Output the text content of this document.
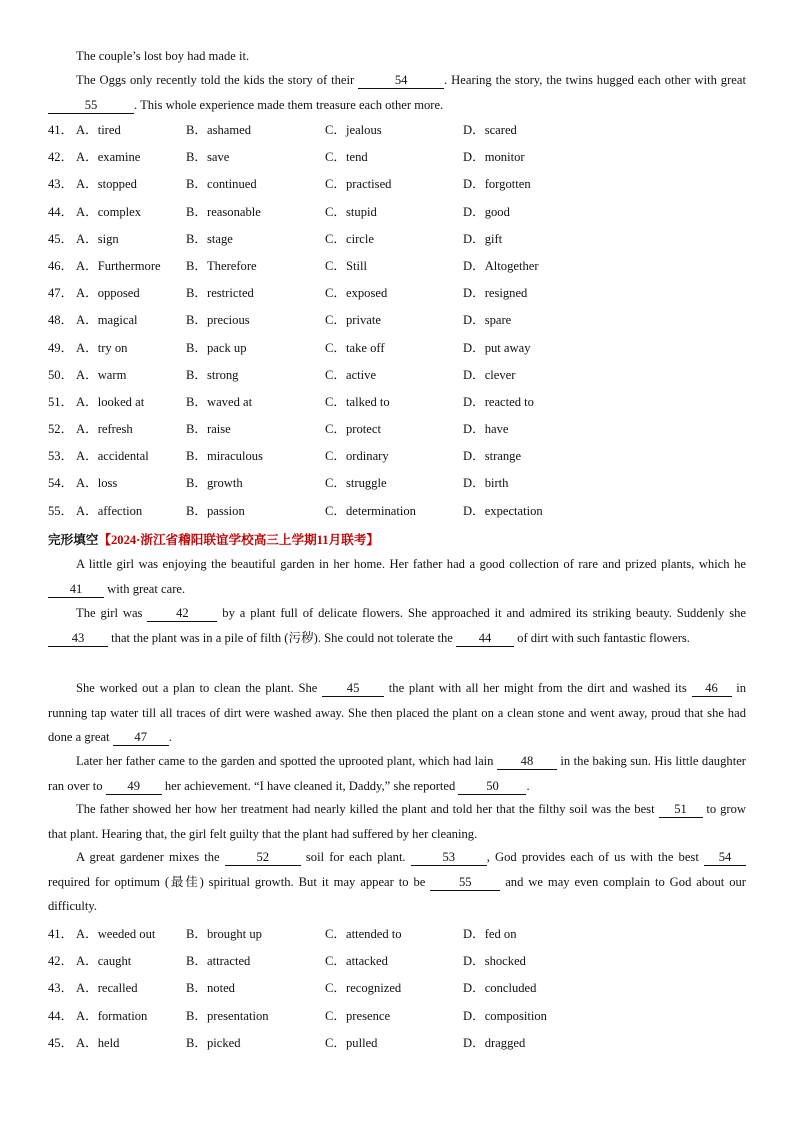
The couple’s lost boy had made it.

The Oggs only recently told the kids the story of their	54	. Hearing the story, the twins hugged each other with great 55	. This whole experience made them treasure each other more.

41． A．tired	B．ashamed	C．jealous	D．scared
42． A．examine	B．save	C．tend	D．monitor
43． A．stopped	B．continued	C．practised	D．forgotten
44． A．complex	B．reasonable	C．stupid	D．good
45． A．sign	B．stage	C．circle	D．gift
46． A．Furthermore B．Therefore	C．Still	D．Altogether
47． A．opposed	B．restricted	C．exposed	D．resigned
48． A．magical	B．precious	C．private	D．spare
49． A．try on	B．pack up	C．take off	D．put away
50． A．warm	B．strong	C．active	D．clever
51． A．looked at	B．waved at	C．talked to	D．reacted to
52． A．refresh	B．raise	C．protect	D．have
53． A．accidental	B．miraculous	C．ordinary	D．strange
54． A．loss	B．growth	C．struggle	D．birth
55． A．affection	B．passion	C．determination	D．expectation
完形填空【2024·浙江省稽阳联谊学校高三上学期11月联考】

A little girl was enjoying the beautiful garden in her home. Her father had a good collection of rare and prized plants, which he 41 with great care.

The girl was	42	by a plant full of delicate flowers. She approached it and admired its striking beauty. Suddenly she 43 that the plant was in a pile of filth (污秽). She could not tolerate the 44 of dirt with such fantastic flowers.

She worked out a plan to clean the plant. She 45 the plant with all her might from the dirt and washed its 46 in running tap water till all traces of dirt were washed away. She then placed the plant on a clean stone and went away, proud that she had done a great 47 .

Later her father came to the garden and spotted the uprooted plant, which had lain 48 in the baking sun. His little daughter ran over to 49 her achievement. “I have cleaned it, Daddy,” she reported 50 .

The father showed her how her treatment had nearly killed the plant and told her that the filthy soil was the best 51 to grow that plant. Hearing that, the girl felt guilty that the plant had suffered by her cleaning.

A great gardener mixes the	52	soil for each plant.	53	, God provides each of us with the best 54 required for optimum (最佳) spiritual growth. But it may appear to be	55	and we may even complain to God about our difficulty.

41． A．weeded out B．brought up	C．attended to	D．fed on
42． A．caught	B．attracted	C．attacked	D．shocked
43． A．recalled	B．noted	C．recognized	D．concluded
44． A．formation	B．presentation	C．presence	D．composition
45． A．held	B．picked	C．pulled	D．dragged
